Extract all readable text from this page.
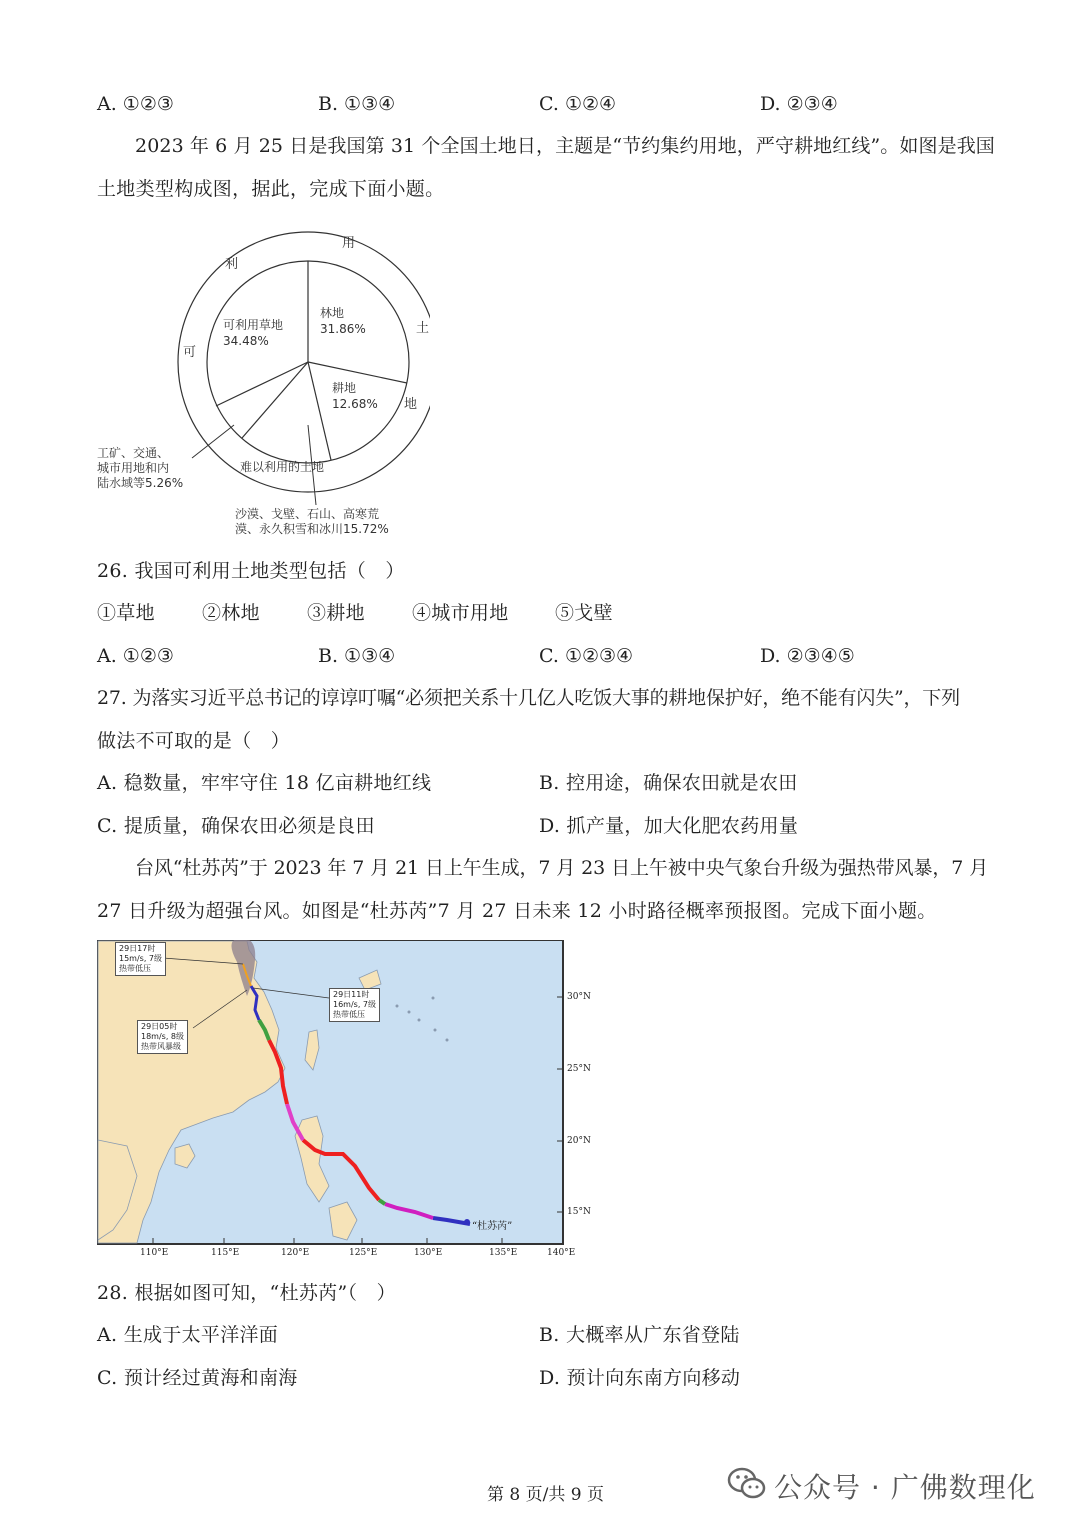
A. ①②③	B. ①③④	C. ①②④	D. ②③④
2023 年 6 月 25 日是我国第 31 个全国土地日，主题是“节约集约用地，严守耕地红线”。如图是我国
土地类型构成图，据此，完成下面小题。
可
利
用
土
地
可利用草地
34.48%
林地
31.86%
耕地
12.68%
难以利用的土地
工矿、交通、
城市用地和内
陆水域等5.26%
沙漠、戈壁、石山、高寒荒
漠、永久积雪和冰川15.72%
26. 我国可利用土地类型包括（　）
①草地 ②林地 ③耕地 ④城市用地 ⑤戈壁
A. ①②③	B. ①③④	C. ①②③④	D. ②③④⑤
27. 为落实习近平总书记的谆谆叮嘱“必须把关系十几亿人吃饭大事的耕地保护好，绝不能有闪失”，下列
做法不可取的是（　）
A. 稳数量，牢牢守住 18 亿亩耕地红线	B. 控用途，确保农田就是农田
C. 提质量，确保农田必须是良田	D. 抓产量，加大化肥农药用量
台风“杜苏芮”于 2023 年 7 月 21 日上午生成，7 月 23 日上午被中央气象台升级为强热带风暴，7 月
27 日升级为超强台风。如图是“杜苏芮”7 月 27 日未来 12 小时路径概率预报图。完成下面小题。
29日17时
15m/s, 7级
热带低压
29日11时
16m/s, 7级
热带低压
29日05时
18m/s, 8级
热带风暴级
“杜苏芮”
110°E	115°E	120°E	125°E	130°E	135°E	140°E
30°N
25°N
20°N
15°N
28. 根据如图可知，“杜苏芮”（　）
A. 生成于太平洋洋面	B. 大概率从广东省登陆
C. 预计经过黄海和南海	D. 预计向东南方向移动
第 8 页/共 9 页	公众号 · 广佛数理化
